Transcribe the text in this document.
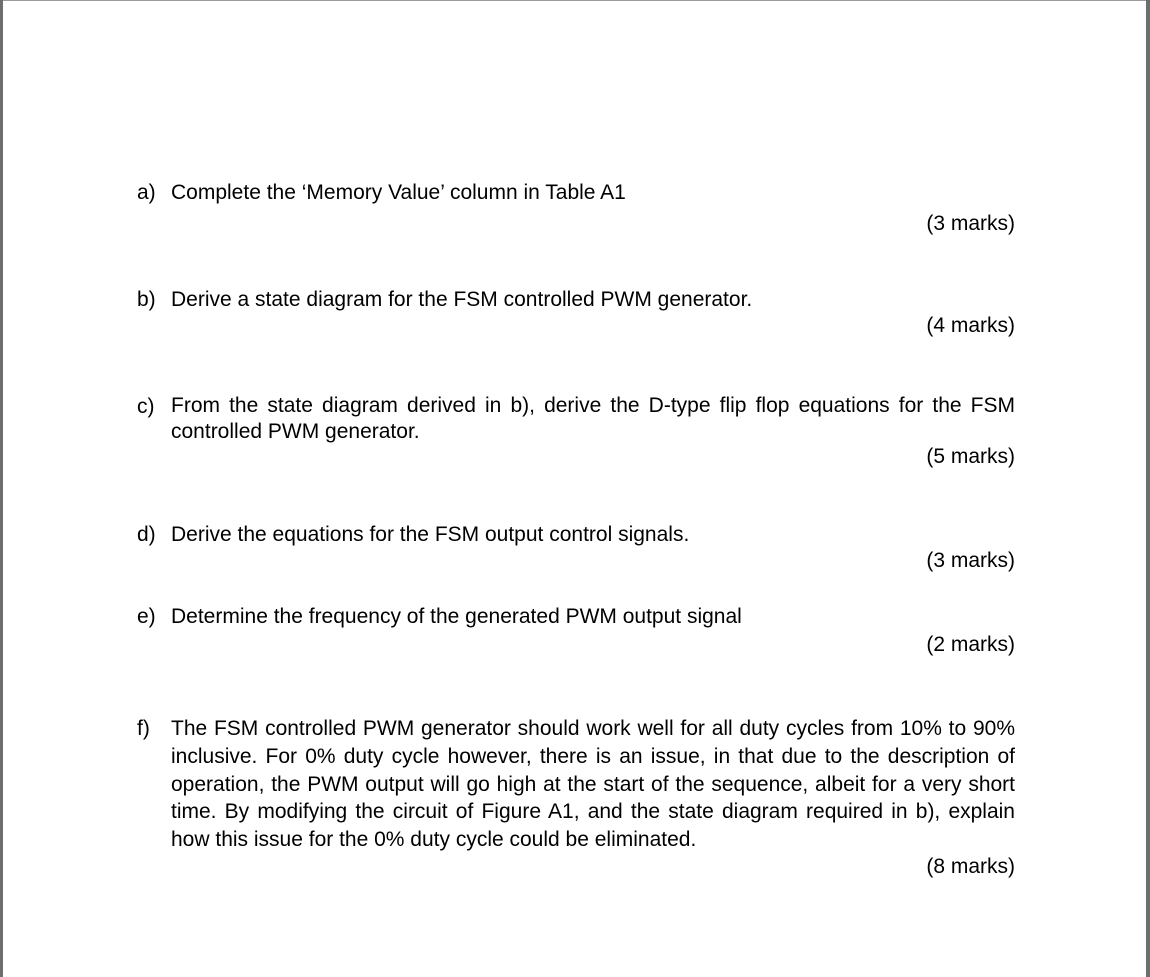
a) Complete the ‘Memory Value’ column in Table A1
(3 marks)
b) Derive a state diagram for the FSM controlled PWM generator.
(4 marks)
c) From the state diagram derived in b), derive the D-type flip flop equations for the FSM controlled PWM generator.
(5 marks)
d) Derive the equations for the FSM output control signals.
(3 marks)
e) Determine the frequency of the generated PWM output signal
(2 marks)
f) The FSM controlled PWM generator should work well for all duty cycles from 10% to 90% inclusive. For 0% duty cycle however, there is an issue, in that due to the description of operation, the PWM output will go high at the start of the sequence, albeit for a very short time. By modifying the circuit of Figure A1, and the state diagram required in b), explain how this issue for the 0% duty cycle could be eliminated.
(8 marks)
